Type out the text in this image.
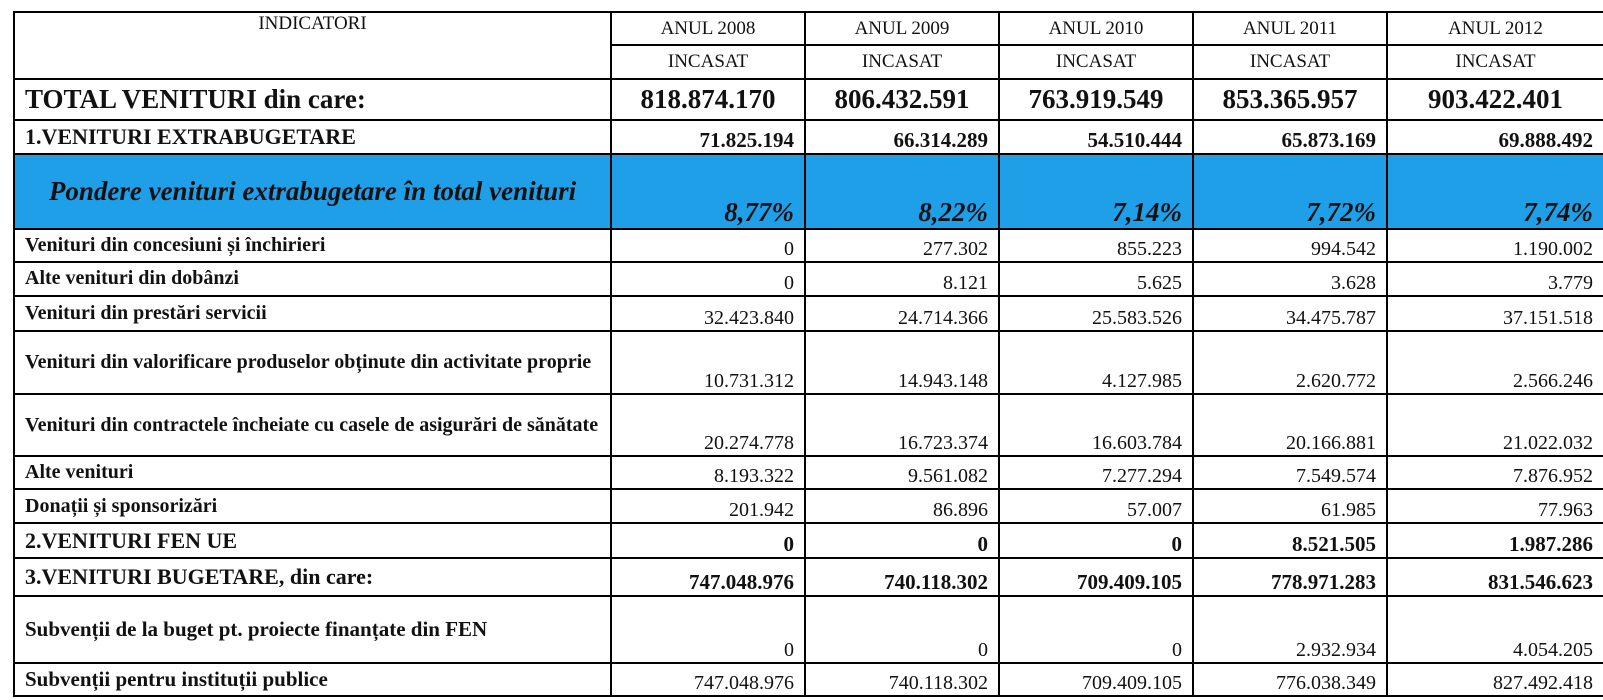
INDICATORI	ANUL 2008	ANUL 2009	ANUL 2010	ANUL 2011	ANUL 2012
	INCASAT	INCASAT	INCASAT	INCASAT	INCASAT
TOTAL VENITURI din care:	818.874.170	806.432.591	763.919.549	853.365.957	903.422.401
1.VENITURI EXTRABUGETARE	71.825.194	66.314.289	54.510.444	65.873.169	69.888.492
Pondere venituri extrabugetare în total venituri	8,77%	8,22%	7,14%	7,72%	7,74%
Venituri din concesiuni și închirieri	0	277.302	855.223	994.542	1.190.002
Alte venituri din dobânzi	0	8.121	5.625	3.628	3.779
Venituri din prestări servicii	32.423.840	24.714.366	25.583.526	34.475.787	37.151.518
Venituri din valorificare produselor obținute din activitate proprie	10.731.312	14.943.148	4.127.985	2.620.772	2.566.246
Venituri din contractele încheiate cu casele de asigurări de sănătate	20.274.778	16.723.374	16.603.784	20.166.881	21.022.032
Alte venituri	8.193.322	9.561.082	7.277.294	7.549.574	7.876.952
Donații și sponsorizări	201.942	86.896	57.007	61.985	77.963
2.VENITURI FEN UE	0	0	0	8.521.505	1.987.286
3.VENITURI BUGETARE, din care:	747.048.976	740.118.302	709.409.105	778.971.283	831.546.623
Subvenții de la buget pt. proiecte finanțate din FEN	0	0	0	2.932.934	4.054.205
Subvenții pentru instituții publice	747.048.976	740.118.302	709.409.105	776.038.349	827.492.418
